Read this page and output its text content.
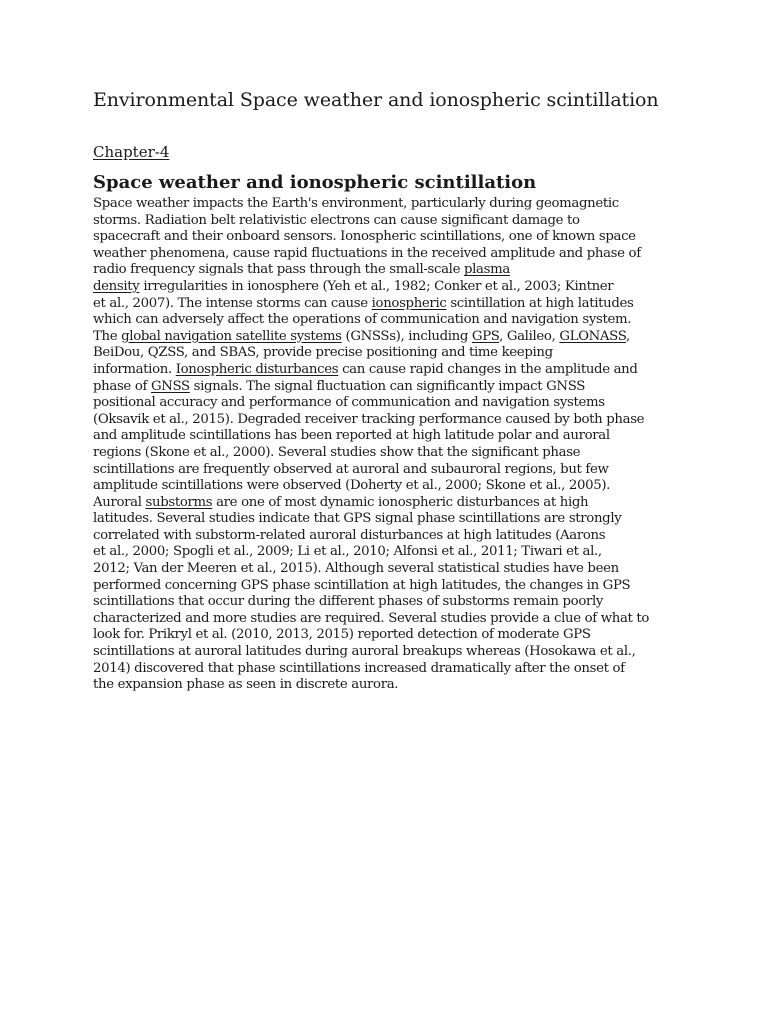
Environmental Space weather and ionospheric scintillation

Chapter-4

Space weather and ionospheric scintillation
Space weather impacts the Earth's environment, particularly during geomagnetic
storms. Radiation belt relativistic electrons can cause significant damage to
spacecraft and their onboard sensors. Ionospheric scintillations, one of known space
weather phenomena, cause rapid fluctuations in the received amplitude and phase of
radio frequency signals that pass through the small-scale plasma
density irregularities in ionosphere (Yeh et al., 1982; Conker et al., 2003; Kintner
et al., 2007). The intense storms can cause ionospheric scintillation at high latitudes
which can adversely affect the operations of communication and navigation system.
The global navigation satellite systems (GNSSs), including GPS, Galileo, GLONASS,
BeiDou, QZSS, and SBAS, provide precise positioning and time keeping
information. Ionospheric disturbances can cause rapid changes in the amplitude and
phase of GNSS signals. The signal fluctuation can significantly impact GNSS
positional accuracy and performance of communication and navigation systems
(Oksavik et al., 2015). Degraded receiver tracking performance caused by both phase
and amplitude scintillations has been reported at high latitude polar and auroral
regions (Skone et al., 2000). Several studies show that the significant phase
scintillations are frequently observed at auroral and subauroral regions, but few
amplitude scintillations were observed (Doherty et al., 2000; Skone et al., 2005).
Auroral substorms are one of most dynamic ionospheric disturbances at high
latitudes. Several studies indicate that GPS signal phase scintillations are strongly
correlated with substorm-related auroral disturbances at high latitudes (Aarons
et al., 2000; Spogli et al., 2009; Li et al., 2010; Alfonsi et al., 2011; Tiwari et al.,
2012; Van der Meeren et al., 2015). Although several statistical studies have been
performed concerning GPS phase scintillation at high latitudes, the changes in GPS
scintillations that occur during the different phases of substorms remain poorly
characterized and more studies are required. Several studies provide a clue of what to
look for. Prikryl et al. (2010, 2013, 2015) reported detection of moderate GPS
scintillations at auroral latitudes during auroral breakups whereas (Hosokawa et al.,
2014) discovered that phase scintillations increased dramatically after the onset of
the expansion phase as seen in discrete aurora.
